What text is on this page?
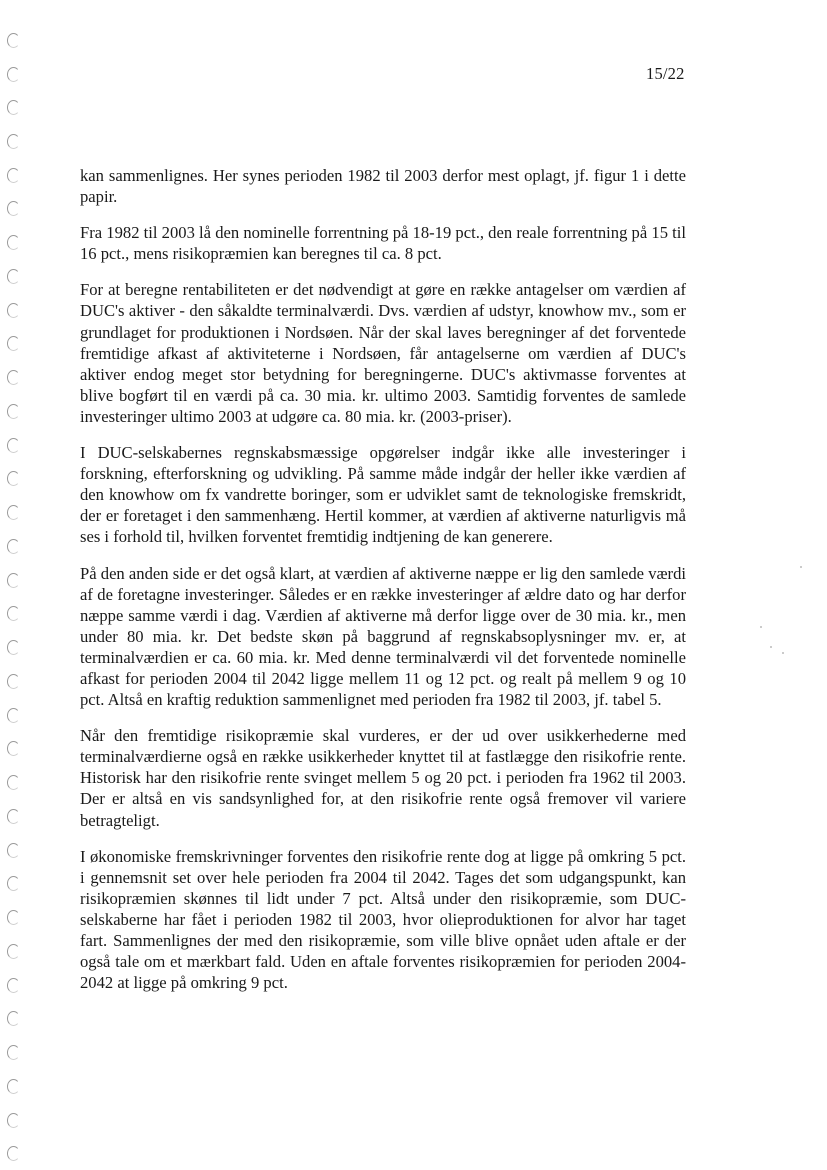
15/22

kan sammenlignes. Her synes perioden 1982 til 2003 derfor mest oplagt, jf. figur 1 i dette papir.

Fra 1982 til 2003 lå den nominelle forrentning på 18-19 pct., den reale forrentning på 15 til 16 pct., mens risikopræmien kan beregnes til ca. 8 pct.

For at beregne rentabiliteten er det nødvendigt at gøre en række antagelser om værdien af DUC's aktiver - den såkaldte terminalværdi. Dvs. værdien af udstyr, knowhow mv., som er grundlaget for produktionen i Nordsøen. Når der skal laves beregninger af det forventede fremtidige afkast af aktiviteterne i Nordsøen, får antagelserne om værdien af DUC's aktiver endog meget stor betydning for beregningerne. DUC's aktivmasse forventes at blive bogført til en værdi på ca. 30 mia. kr. ultimo 2003. Samtidig forventes de samlede investeringer ultimo 2003 at udgøre ca. 80 mia. kr. (2003-priser).

I DUC-selskabernes regnskabsmæssige opgørelser indgår ikke alle investeringer i forskning, efterforskning og udvikling. På samme måde indgår der heller ikke værdien af den knowhow om fx vandrette boringer, som er udviklet samt de teknologiske fremskridt, der er foretaget i den sammenhæng. Hertil kommer, at værdien af aktiverne naturligvis må ses i forhold til, hvilken forventet fremtidig indtjening de kan generere.

På den anden side er det også klart, at værdien af aktiverne næppe er lig den samlede værdi af de foretagne investeringer. Således er en række investeringer af ældre dato og har derfor næppe samme værdi i dag. Værdien af aktiverne må derfor ligge over de 30 mia. kr., men under 80 mia. kr. Det bedste skøn på baggrund af regnskabsoplysninger mv. er, at terminalværdien er ca. 60 mia. kr. Med denne terminalværdi vil det forventede nominelle afkast for perioden 2004 til 2042 ligge mellem 11 og 12 pct. og realt på mellem 9 og 10 pct. Altså en kraftig reduktion sammenlignet med perioden fra 1982 til 2003, jf. tabel 5.

Når den fremtidige risikopræmie skal vurderes, er der ud over usikkerhederne med terminalværdierne også en række usikkerheder knyttet til at fastlægge den risikofrie rente. Historisk har den risikofrie rente svinget mellem 5 og 20 pct. i perioden fra 1962 til 2003. Der er altså en vis sandsynlighed for, at den risikofrie rente også fremover vil variere betragteligt.

I økonomiske fremskrivninger forventes den risikofrie rente dog at ligge på omkring 5 pct. i gennemsnit set over hele perioden fra 2004 til 2042. Tages det som udgangspunkt, kan risikopræmien skønnes til lidt under 7 pct. Altså under den risikopræmie, som DUC-selskaberne har fået i perioden 1982 til 2003, hvor olieproduktionen for alvor har taget fart. Sammenlignes der med den risikopræmie, som ville blive opnået uden aftale er der også tale om et mærkbart fald. Uden en aftale forventes risikopræmien for perioden 2004-2042 at ligge på omkring 9 pct.
